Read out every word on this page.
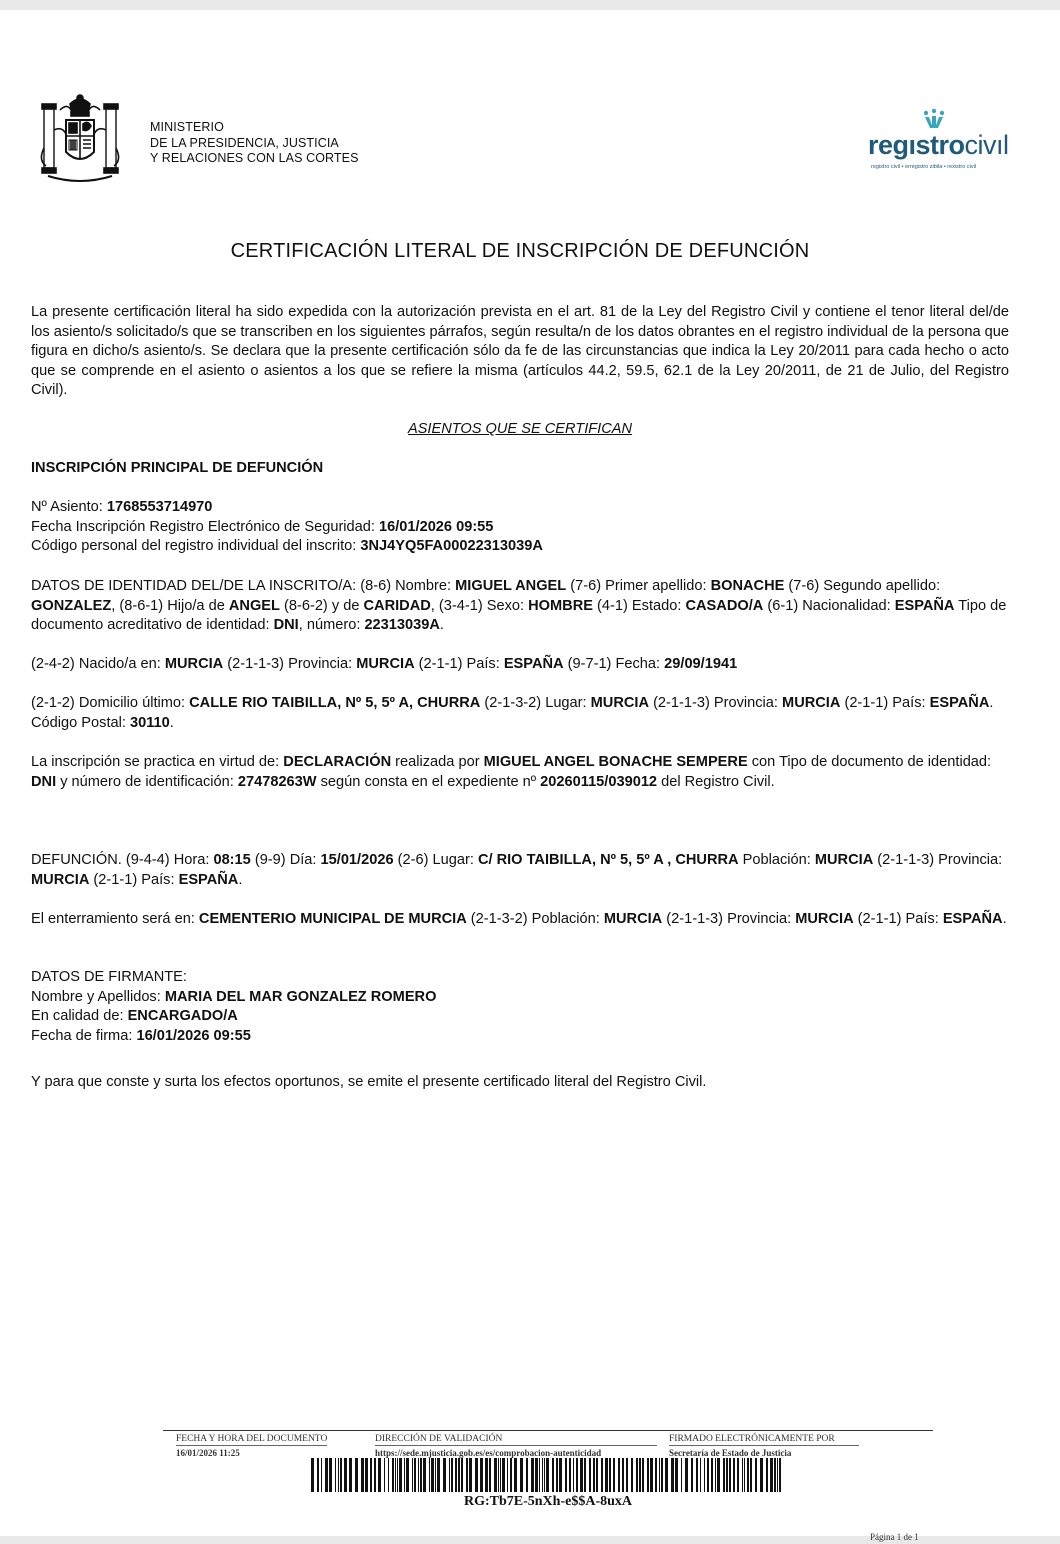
MINISTERIO
DE LA PRESIDENCIA, JUSTICIA
Y RELACIONES CON LAS CORTES	regıstrocivıl
registro civil • erregistro zibila • rexistro civil
CERTIFICACIÓN LITERAL DE INSCRIPCIÓN DE DEFUNCIÓN
La presente certificación literal ha sido expedida con la autorización prevista en el art. 81 de la Ley del Registro Civil y contiene el tenor literal del/de los asiento/s solicitado/s que se transcriben en los siguientes párrafos, según resulta/n de los datos obrantes en el registro individual de la persona que figura en dicho/s asiento/s. Se declara que la presente certificación sólo da fe de las circunstancias que indica la Ley 20/2011 para cada hecho o acto que se comprende en el asiento o asientos a los que se refiere la misma (artículos 44.2, 59.5, 62.1 de la Ley 20/2011, de 21 de Julio, del Registro Civil).
ASIENTOS QUE SE CERTIFICAN
INSCRIPCIÓN PRINCIPAL DE DEFUNCIÓN
Nº Asiento: 1768553714970
Fecha Inscripción Registro Electrónico de Seguridad: 16/01/2026 09:55
Código personal del registro individual del inscrito: 3NJ4YQ5FA00022313039A
DATOS DE IDENTIDAD DEL/DE LA INSCRITO/A: (8-6) Nombre: MIGUEL ANGEL (7-6) Primer apellido: BONACHE (7-6) Segundo apellido: GONZALEZ, (8-6-1) Hijo/a de ANGEL (8-6-2) y de CARIDAD, (3-4-1) Sexo: HOMBRE (4-1) Estado: CASADO/A (6-1) Nacionalidad: ESPAÑA Tipo de documento acreditativo de identidad: DNI, número: 22313039A.
(2-4-2) Nacido/a en: MURCIA (2-1-1-3) Provincia: MURCIA (2-1-1) País: ESPAÑA (9-7-1) Fecha: 29/09/1941
(2-1-2) Domicilio último: CALLE RIO TAIBILLA, Nº 5, 5º A, CHURRA (2-1-3-2) Lugar: MURCIA (2-1-1-3) Provincia: MURCIA (2-1-1) País: ESPAÑA. Código Postal: 30110.
La inscripción se practica en virtud de: DECLARACIÓN realizada por MIGUEL ANGEL BONACHE SEMPERE con Tipo de documento de identidad: DNI y número de identificación: 27478263W según consta en el expediente nº 20260115/039012 del Registro Civil.
DEFUNCIÓN. (9-4-4) Hora: 08:15 (9-9) Día: 15/01/2026 (2-6) Lugar: C/ RIO TAIBILLA, Nº 5, 5º A , CHURRA Población: MURCIA (2-1-1-3) Provincia: MURCIA (2-1-1) País: ESPAÑA.
El enterramiento será en: CEMENTERIO MUNICIPAL DE MURCIA (2-1-3-2) Población: MURCIA (2-1-1-3) Provincia: MURCIA (2-1-1) País: ESPAÑA.
DATOS DE FIRMANTE:
Nombre y Apellidos: MARIA DEL MAR GONZALEZ ROMERO
En calidad de: ENCARGADO/A
Fecha de firma: 16/01/2026 09:55
Y para que conste y surta los efectos oportunos, se emite el presente certificado literal del Registro Civil.
FECHA Y HORA DEL DOCUMENTO
16/01/2026 11:25
DIRECCIÓN DE VALIDACIÓN
https://sede.mjusticia.gob.es/es/comprobacion-autenticidad
FIRMADO ELECTRÓNICAMENTE POR
Secretaría de Estado de Justicia
RG:Tb7E-5nXh-e$$A-8uxA
Página 1 de 1
